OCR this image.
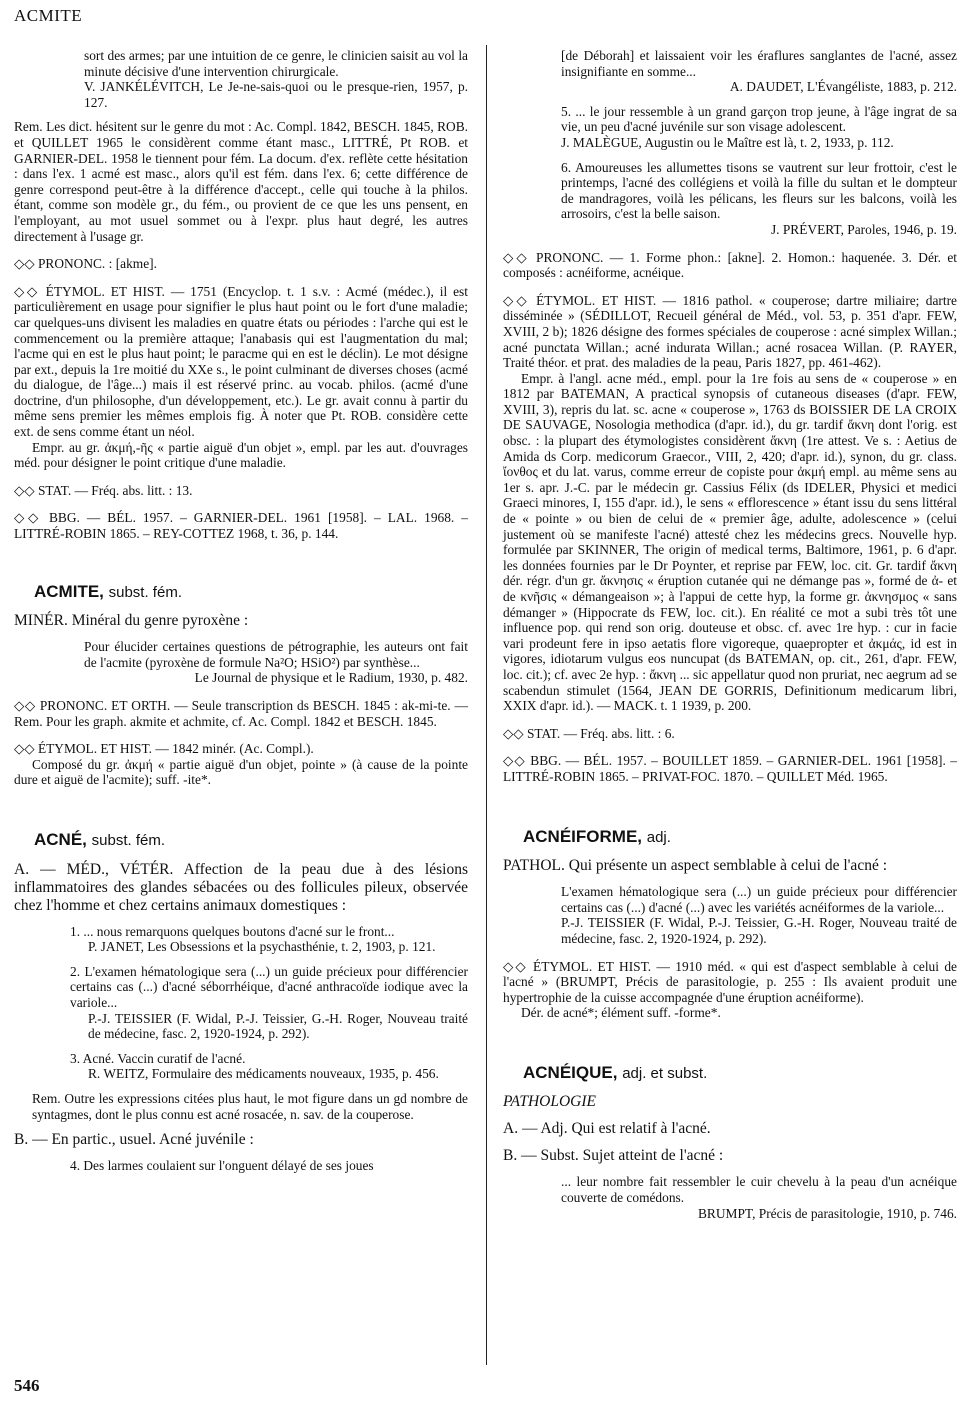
ACMITE

sort des armes; par une intuition de ce genre, le clinicien saisit au vol la minute décisive d'une intervention chirurgicale.

V. JANKÉLÉVITCH, Le Je-ne-sais-quoi ou le presque-rien, 1957, p. 127.

Rem. Les dict. hésitent sur le genre du mot : Ac. Compl. 1842, BESCH. 1845, ROB. et QUILLET 1965 le considèrent comme étant masc., LITTRÉ, Pt ROB. et GARNIER-DEL. 1958 le tiennent pour fém. La docum. d'ex. reflète cette hésitation : dans l'ex. 1 acmé est masc., alors qu'il est fém. dans l'ex. 6; cette différence de genre correspond peut-être à la différence d'accept., celle qui touche à la philos. étant, comme son modèle gr., du fém., ou provient de ce que les uns pensent, en l'employant, au mot usuel sommet ou à l'expr. plus haut degré, les autres directement à l'usage gr.

◇◇ PRONONC. : [akme].

◇◇ ÉTYMOL. ET HIST. — 1751 (Encyclop. t. 1 s.v. : Acmé (médec.), il est particulièrement en usage pour signifier le plus haut point ou le fort d'une maladie; car quelques-uns divisent les maladies en quatre états ou périodes : l'arche qui est le commencement ou la première attaque; l'anabasis qui est l'augmentation du mal; l'acme qui en est le plus haut point; le paracme qui en est le déclin). Le mot désigne par ext., depuis la 1re moitié du XXe s., le point culminant de diverses choses (acmé du dialogue, de l'âge...) mais il est réservé princ. au vocab. philos. (acmé d'une doctrine, d'un philosophe, d'un développement, etc.). Le gr. avait connu à partir du même sens premier les mêmes emplois fig. À noter que Pt. ROB. considère cette ext. de sens comme étant un néol.

Empr. au gr. ἀκμή,-ῆς « partie aiguë d'un objet », empl. par les aut. d'ouvrages méd. pour désigner le point critique d'une maladie.

◇◇ STAT. — Fréq. abs. litt. : 13.

◇◇ BBG. — BÉL. 1957. – GARNIER-DEL. 1961 [1958]. – LAL. 1968. – LITTRÉ-ROBIN 1865. – REY-COTTEZ 1968, t. 36, p. 144.

ACMITE, subst. fém.

MINÉR. Minéral du genre pyroxène :

Pour élucider certaines questions de pétrographie, les auteurs ont fait de l'acmite (pyroxène de formule Na²O; HSiO²) par synthèse...

Le Journal de physique et le Radium, 1930, p. 482.

◇◇ PRONONC. ET ORTH. — Seule transcription ds BESCH. 1845 : ak-mi-te. — Rem. Pour les graph. akmite et achmite, cf. Ac. Compl. 1842 et BESCH. 1845.

◇◇ ÉTYMOL. ET HIST. — 1842 minér. (Ac. Compl.).

Composé du gr. ἀκμή « partie aiguë d'un objet, pointe » (à cause de la pointe dure et aiguë de l'acmite); suff. -ite*.

ACNÉ, subst. fém.

A. — MÉD., VÉTÉR. Affection de la peau due à des lésions inflammatoires des glandes sébacées ou des follicules pileux, observée chez l'homme et chez certains animaux domestiques :

1. ... nous remarquons quelques boutons d'acné sur le front...

P. JANET, Les Obsessions et la psychasthénie, t. 2, 1903, p. 121.

2. L'examen hématologique sera (...) un guide précieux pour différencier certains cas (...) d'acné séborrhéique, d'acné anthracoïde iodique avec la variole...

P.-J. TEISSIER (F. Widal, P.-J. Teissier, G.-H. Roger, Nouveau traité de médecine, fasc. 2, 1920-1924, p. 292).

3. Acné. Vaccin curatif de l'acné.

R. WEITZ, Formulaire des médicaments nouveaux, 1935, p. 456.

Rem. Outre les expressions citées plus haut, le mot figure dans un gd nombre de syntagmes, dont le plus connu est acné rosacée, n. sav. de la couperose.

B. — En partic., usuel. Acné juvénile :

4. Des larmes coulaient sur l'onguent délayé de ses joues

[de Déborah] et laissaient voir les éraflures sanglantes de l'acné, assez insignifiante en somme...

A. DAUDET, L'Évangéliste, 1883, p. 212.

5. ... le jour ressemble à un grand garçon trop jeune, à l'âge ingrat de sa vie, un peu d'acné juvénile sur son visage adolescent.

J. MALÈGUE, Augustin ou le Maître est là, t. 2, 1933, p. 112.

6. Amoureuses les allumettes tisons se vautrent sur leur frottoir, c'est le printemps, l'acné des collégiens et voilà la fille du sultan et le dompteur de mandragores, voilà les pélicans, les fleurs sur les balcons, voilà les arrosoirs, c'est la belle saison.

J. PRÉVERT, Paroles, 1946, p. 19.

◇◇ PRONONC. — 1. Forme phon.: [akne]. 2. Homon.: haquenée. 3. Dér. et composés : acnéiforme, acnéique.

◇◇ ÉTYMOL. ET HIST. — 1816 pathol. « couperose; dartre miliaire; dartre disséminée » (SÉDILLOT, Recueil général de Méd., vol. 53, p. 351 d'apr. FEW, XVIII, 2 b); 1826 désigne des formes spéciales de couperose : acné simplex Willan.; acné punctata Willan.; acné indurata Willan.; acné rosacea Willan. (P. RAYER, Traité théor. et prat. des maladies de la peau, Paris 1827, pp. 461-462).

Empr. à l'angl. acne méd., empl. pour la 1re fois au sens de « couperose » en 1812 par BATEMAN, A practical synopsis of cutaneous diseases (d'apr. FEW, XVIII, 3), repris du lat. sc. acne « couperose », 1763 ds BOISSIER DE LA CROIX DE SAUVAGE, Nosologia methodica (d'apr. id.), du gr. tardif ἄκνη dont l'orig. est obsc. : la plupart des étymologistes considèrent ἄκνη (1re attest. Ve s. : Aetius de Amida ds Corp. medicorum Graecor., VIII, 2, 420; d'apr. id.), synon, du gr. class. ἴονθος et du lat. varus, comme erreur de copiste pour ἀκμή empl. au même sens au 1er s. apr. J.-C. par le médecin gr. Cassius Félix (ds IDELER, Physici et medici Graeci minores, I, 155 d'apr. id.), le sens « efflorescence » étant issu du sens littéral de « pointe » ou bien de celui de « premier âge, adulte, adolescence » (celui justement où se manifeste l'acné) attesté chez les médecins grecs. Nouvelle hyp. formulée par SKINNER, The origin of medical terms, Baltimore, 1961, p. 6 d'apr. les données fournies par le Dr Poynter, et reprise par FEW, loc. cit. Gr. tardif ἄκνη dér. régr. d'un gr. ἄκνησις « éruption cutanée qui ne démange pas », formé de ἀ- et de κνῆσις « démangeaison »; à l'appui de cette hyp, la forme gr. ἀκνησμος « sans démanger » (Hippocrate ds FEW, loc. cit.). En réalité ce mot a subi très tôt une influence pop. qui rend son orig. douteuse et obsc. cf. avec 1re hyp. : cur in facie vari prodeunt fere in ipso aetatis flore vigoreque, quaepropter et ἀκμάς, id est in vigores, idiotarum vulgus eos nuncupat (ds BATEMAN, op. cit., 261, d'apr. FEW, loc. cit.); cf. avec 2e hyp. : ἄκνη ... sic appellatur quod non pruriat, nec aegrum ad se scabendun stimulet (1564, JEAN DE GORRIS, Definitionum medicarum libri, XXIX d'apr. id.). — MACK. t. 1 1939, p. 200.

◇◇ STAT. — Fréq. abs. litt. : 6.

◇◇ BBG. — BÉL. 1957. – BOUILLET 1859. – GARNIER-DEL. 1961 [1958]. – LITTRÉ-ROBIN 1865. – PRIVAT-FOC. 1870. – QUILLET Méd. 1965.

ACNÉIFORME, adj.

PATHOL. Qui présente un aspect semblable à celui de l'acné :

L'examen hématologique sera (...) un guide précieux pour différencier certains cas (...) d'acné (...) avec les variétés acnéiformes de la variole...

P.-J. TEISSIER (F. Widal, P.-J. Teissier, G.-H. Roger, Nouveau traité de médecine, fasc. 2, 1920-1924, p. 292).

◇◇ ÉTYMOL. ET HIST. — 1910 méd. « qui est d'aspect semblable à celui de l'acné » (BRUMPT, Précis de parasitologie, p. 255 : Ils avaient produit une hypertrophie de la cuisse accompagnée d'une éruption acnéiforme).

Dér. de acné*; élément suff. -forme*.

ACNÉIQUE, adj. et subst.

PATHOLOGIE

A. — Adj. Qui est relatif à l'acné.

B. — Subst. Sujet atteint de l'acné :

... leur nombre fait ressembler le cuir chevelu à la peau d'un acnéique couverte de comédons.

BRUMPT, Précis de parasitologie, 1910, p. 746.

546
